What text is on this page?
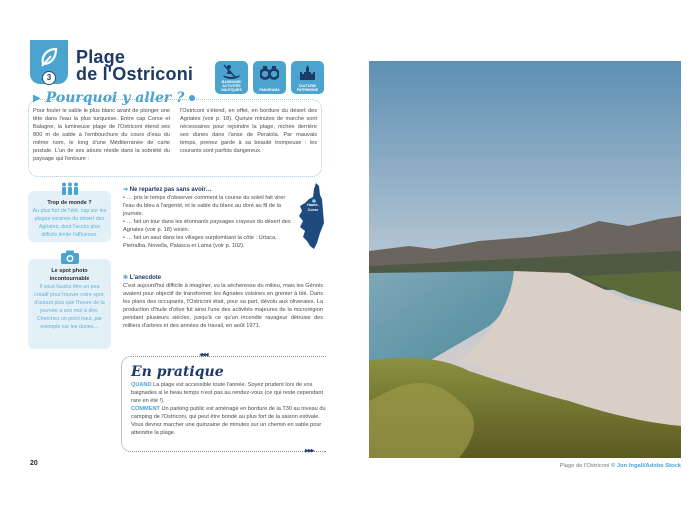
3
Plage
de l'Ostriconi	BAIGNADE/ ACTIVITÉS NAUTIQUES	PANORAMA
CULTURE/ PATRIMOINE
▶ Pourquoi y aller ?

Pour fouler le sable le plus blanc avant de plonger une tête dans l'eau la plus turquoise. Entre cap Corse et Balagne, la lumineuse plage de l'Ostriconi étend ses 800 m de sable à l'embouchure du cours d'eau du même nom, le long d'une Méditerranée de carte postale. L'un de ses atouts réside dans la sobriété du paysage qui l'entoure :

l'Ostriconi s'étend, en effet, en bordure du désert des Agriates (voir p. 18). Quinze minutes de marche sont nécessaires pour rejoindre la plage, nichée derrière ses dunes dans l'anse de Peraiola. Par mauvais temps, prenez garde à sa beauté trompeuse : les courants sont parfois dangereux.

Trop de monde ?
Au plus fort de l'été, cap sur les plages voisines du désert des Agriates, dont l'accès plus difficile limite l'affluence.
Le spot photo incontournable
Il vous faudra être un peu créatif pour trouver votre spot, d'autant plus que l'heure de la journée a son mot à dire. Cherchez un point haut, par exemple sur les dunes…
➜ Ne repartez pas sans avoir…
• … pris le temps d'observer comment la course du soleil fait virer l'eau du bleu à l'argenté, et le sable du blanc au doré au fil de la journée.
• … fait un tour dans les étonnants paysages crayeux du désert des Agriates (voir p. 18) voisin.
• … fait un saut dans les villages surplombant la côte : Urtaca, Pietralba, Novella, Palasca et Lama (voir p. 102).
Haute-Corse
✻ L'anecdote
C'est aujourd'hui difficile à imaginer, vu la sécheresse du milieu, mais les Génois avaient pour objectif de transformer les Agriates voisines en grenier à blé. Dans les plans des occupants, l'Ostriconi était, pour sa part, dévolu aux oliveraies. La production d'huile d'olive fut ainsi l'une des activités majeures de la microrégion pendant plusieurs siècles, jusqu'à ce qu'un incendie ravageur détruise des milliers d'arbres et des années de travail, en août 1971.
◀◀◀
▶▶▶
En pratique
QUAND La plage est accessible toute l'année. Soyez prudent lors de vos baignades si le beau temps n'est pas au rendez-vous (ce qui reste cependant rare en été !).
COMMENT Un parking public est aménagé en bordure de la T30 au niveau du camping de l'Ostriconi, qui peut être bondé au plus fort de la saison estivale. Vous devrez marcher une quinzaine de minutes sur un chemin en sable pour atteindre la plage.
20	Plage de l'Ostriconi © Jon Ingall/Adobe Stock
